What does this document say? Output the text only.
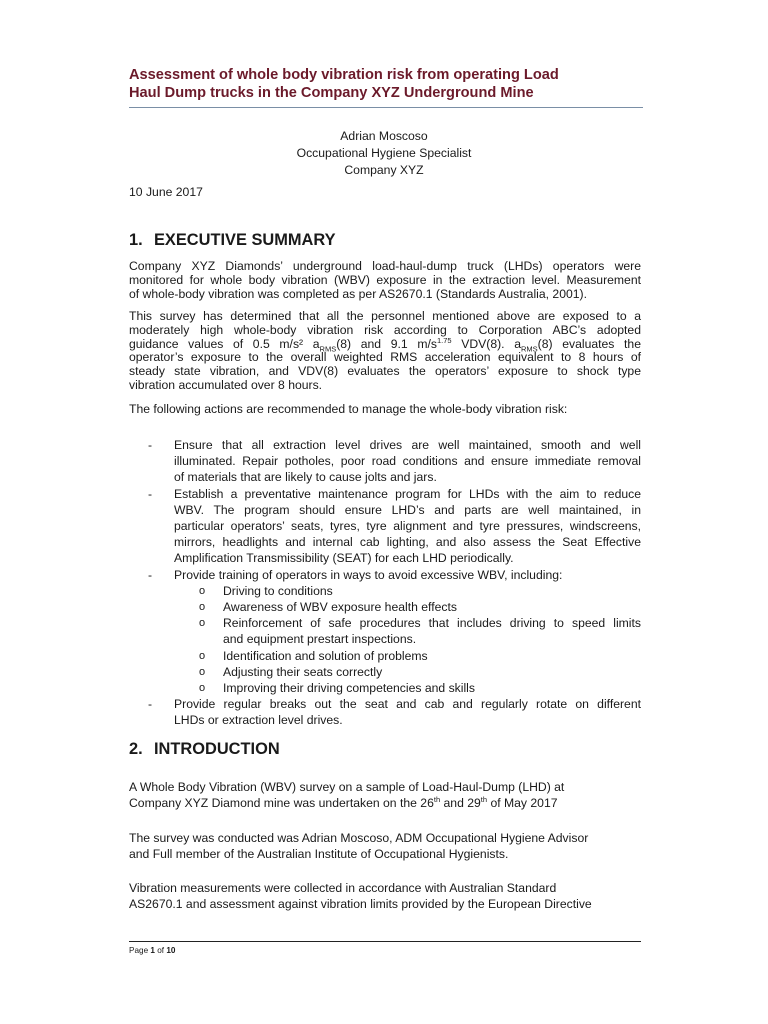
Assessment of whole body vibration risk from operating Load
Haul Dump trucks in the Company XYZ Underground Mine
Adrian Moscoso
Occupational Hygiene Specialist
Company XYZ
10 June 2017
1. EXECUTIVE SUMMARY
Company XYZ Diamonds’ underground load-haul-dump truck (LHDs) operators were
monitored for whole body vibration (WBV) exposure in the extraction level. Measurement
of whole-body vibration was completed as per AS2670.1 (Standards Australia, 2001).
This survey has determined that all the personnel mentioned above are exposed to a
moderately high whole-body vibration risk according to Corporation ABC’s adopted
guidance values of 0.5 m/s² $a_{RMS}(8)$ and 9.1 $m/s^{1.75}$ VDV(8). $a_{RMS}(8)$ evaluates the
operator’s exposure to the overall weighted RMS acceleration equivalent to 8 hours of
steady state vibration, and VDV(8) evaluates the operators’ exposure to shock type
vibration accumulated over 8 hours.
The following actions are recommended to manage the whole-body vibration risk:
- Ensure that all extraction level drives are well maintained, smooth and well
illuminated. Repair potholes, poor road conditions and ensure immediate removal
of materials that are likely to cause jolts and jars.
- Establish a preventative maintenance program for LHDs with the aim to reduce
WBV. The program should ensure LHD’s and parts are well maintained, in
particular operators’ seats, tyres, tyre alignment and tyre pressures, windscreens,
mirrors, headlights and internal cab lighting, and also assess the Seat Effective
Amplification Transmissibility (SEAT) for each LHD periodically.
- Provide training of operators in ways to avoid excessive WBV, including:
o Driving to conditions
o Awareness of WBV exposure health effects
o Reinforcement of safe procedures that includes driving to speed limits
and equipment prestart inspections.
o Identification and solution of problems
o Adjusting their seats correctly
o Improving their driving competencies and skills
- Provide regular breaks out the seat and cab and regularly rotate on different
LHDs or extraction level drives.
2. INTRODUCTION
A Whole Body Vibration (WBV) survey on a sample of Load-Haul-Dump (LHD) at
Company XYZ Diamond mine was undertaken on the 26th and 29th of May 2017
The survey was conducted was Adrian Moscoso, ADM Occupational Hygiene Advisor
and Full member of the Australian Institute of Occupational Hygienists.
Vibration measurements were collected in accordance with Australian Standard
AS2670.1 and assessment against vibration limits provided by the European Directive
Page 1 of 10
